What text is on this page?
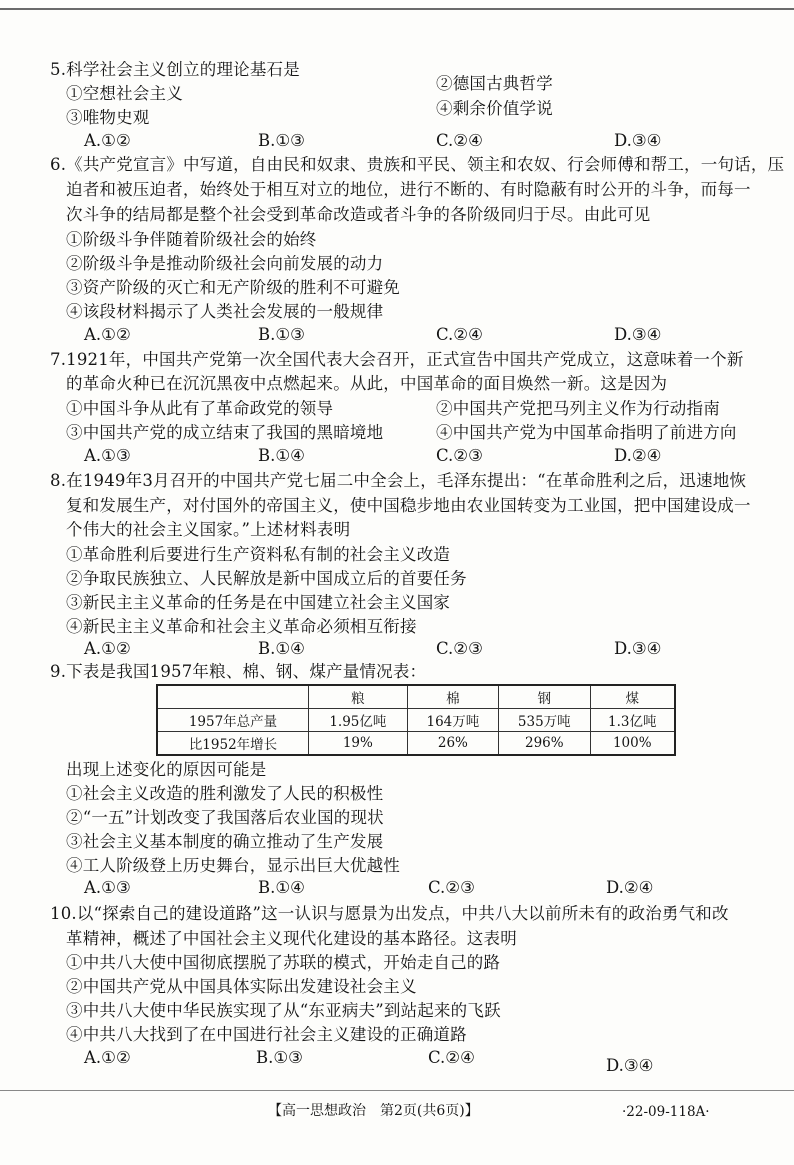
5.科学社会主义创立的理论基石是
①空想社会主义
②德国古典哲学
③唯物史观	④剩余价值学说
A.①②	B.①③	C.②④	D.③④
6.《共产党宣言》中写道，自由民和奴隶、贵族和平民、领主和农奴、行会师傅和帮工，一句话，压
迫者和被压迫者，始终处于相互对立的地位，进行不断的、有时隐蔽有时公开的斗争，而每一
次斗争的结局都是整个社会受到革命改造或者斗争的各阶级同归于尽。由此可见
①阶级斗争伴随着阶级社会的始终
②阶级斗争是推动阶级社会向前发展的动力
③资产阶级的灭亡和无产阶级的胜利不可避免
④该段材料揭示了人类社会发展的一般规律
A.①②	B.①③	C.②④	D.③④
7.1921年，中国共产党第一次全国代表大会召开，正式宣告中国共产党成立，这意味着一个新
的革命火种已在沉沉黑夜中点燃起来。从此，中国革命的面目焕然一新。这是因为
①中国斗争从此有了革命政党的领导	②中国共产党把马列主义作为行动指南
③中国共产党的成立结束了我国的黑暗境地	④中国共产党为中国革命指明了前进方向
A.①③	B.①④	C.②③	D.②④
8.在1949年3月召开的中国共产党七届二中全会上，毛泽东提出：“在革命胜利之后，迅速地恢
复和发展生产，对付国外的帝国主义，使中国稳步地由农业国转变为工业国，把中国建设成一
个伟大的社会主义国家。”上述材料表明
①革命胜利后要进行生产资料私有制的社会主义改造
②争取民族独立、人民解放是新中国成立后的首要任务
③新民主主义革命的任务是在中国建立社会主义国家
④新民主主义革命和社会主义革命必须相互衔接
A.①②	B.①④	C.②③	D.③④
9.下表是我国1957年粮、棉、钢、煤产量情况表：
	粮	棉	钢	煤
1957年总产量	1.95亿吨	164万吨	535万吨	1.3亿吨
比1952年增长	19%	26%	296%	100%
出现上述变化的原因可能是
①社会主义改造的胜利激发了人民的积极性
②“一五”计划改变了我国落后农业国的现状
③社会主义基本制度的确立推动了生产发展
④工人阶级登上历史舞台，显示出巨大优越性
A.①③	B.①④	C.②③	D.②④
10.以“探索自己的建设道路”这一认识与愿景为出发点，中共八大以前所未有的政治勇气和改
革精神，概述了中国社会主义现代化建设的基本路径。这表明
①中共八大使中国彻底摆脱了苏联的模式，开始走自己的路
②中国共产党从中国具体实际出发建设社会主义
③中共八大使中华民族实现了从“东亚病夫”到站起来的飞跃
④中共八大找到了在中国进行社会主义建设的正确道路
A.①②	B.①③	C.②④	D.③④
【高一思想政治　第2页(共6页)】	·22-09-118A·
